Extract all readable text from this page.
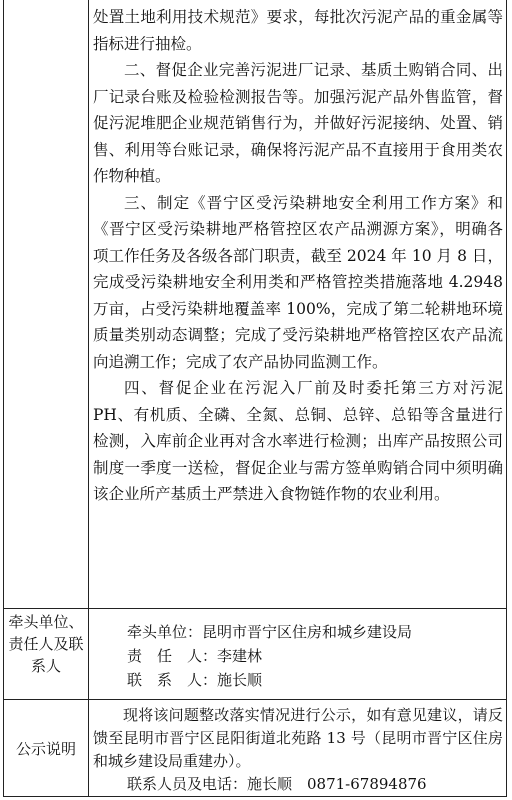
处置土地利用技术规范》要求，每批次污泥产品的重金属等指标进行抽检。

二、督促企业完善污泥进厂记录、基质土购销合同、出厂记录台账及检验检测报告等。加强污泥产品外售监管，督促污泥堆肥企业规范销售行为，并做好污泥接纳、处置、销售、利用等台账记录，确保将污泥产品不直接用于食用类农作物种植。

三、制定《晋宁区受污染耕地安全利用工作方案》和《晋宁区受污染耕地严格管控区农产品溯源方案》，明确各项工作任务及各级各部门职责，截至 2024 年 10 月 8 日，完成受污染耕地安全利用类和严格管控类措施落地 4.2948 万亩，占受污染耕地覆盖率 100%，完成了第二轮耕地环境质量类别动态调整；完成了受污染耕地严格管控区农产品流向追溯工作；完成了农产品协同监测工作。

四、督促企业在污泥入厂前及时委托第三方对污泥 PH、有机质、全磷、全氮、总铜、总锌、总铅等含量进行检测，入库前企业再对含水率进行检测；出库产品按照公司制度一季度一送检，督促企业与需方签单购销合同中须明确该企业所产基质土严禁进入食物链作物的农业利用。

牵头单位、责任人及联系人
牵头单位：昆明市晋宁区住房和城乡建设局
责　任　人：李建林
联　系　人：施长顺
公示说明

现将该问题整改落实情况进行公示，如有意见建议，请反馈至昆明市晋宁区昆阳街道北苑路 13 号（昆明市晋宁区住房和城乡建设局重建办）。

联系人员及电话：施长顺　0871-67894876
